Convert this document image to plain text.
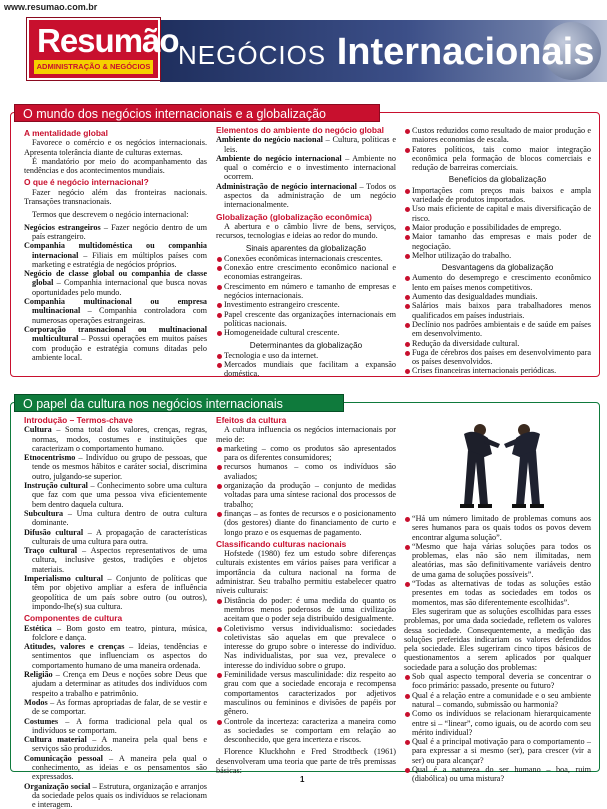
www.resumao.com.br
NEGÓCIOS Internacionais
Resumão
ADMINISTRAÇÃO & NEGÓCIOS
O mundo dos negócios internacionais e a globalização
A mentalidade global

Favorece o comércio e os negócios internacionais. Apresenta tolerância diante de culturas externas.

É mandatório por meio do acompanhamento das tendências e dos acontecimentos mundiais.

O que é negócio internacional?

Fazer negócio além das fronteiras nacionais. Transações transnacionais.

Termos que descrevem o negócio internacional:

Negócios estrangeiros – Fazer negócio dentro de um país estrangeiro.

Companhia multidoméstica ou companhia internacional – Filiais em múltiplos países com marketing e estratégia de negócios próprios.

Negócio de classe global ou companhia de classe global – Companhia internacional que busca novas oportunidades pelo mundo.

Companhia multinacional ou empresa multinacional – Companhia controladora com numerosas operações estrangeiras.

Corporação transnacional ou multinacional multicultural – Possui operações em muitos países com produção e estratégia comuns ditadas pelo ambiente local.

Elementos do ambiente do negócio global

Ambiente do negócio nacional – Cultura, políticas e leis.

Ambiente do negócio internacional – Ambiente no qual o comércio e o investimento internacional ocorrem.

Administração de negócio internacional – Todos os aspectos da administração de um negócio internacionalmente.

Globalização (globalização econômica)

A abertura e o câmbio livre de bens, serviços, recursos, tecnologias e ideias ao redor do mundo.

Sinais aparentes da globalização
Conexões econômicas internacionais crescentes.
Conexão entre crescimento econômico nacional e economias estrangeiras.
Crescimento em número e tamanho de empresas e negócios internacionais.
Investimento estrangeiro crescente.
Papel crescente das organizações internacionais em políticas nacionais.
Homogeneidade cultural crescente.
Determinantes da globalização
Tecnologia e uso da internet.
Mercados mundiais que facilitam a expansão doméstica.
Custos reduzidos como resultado de maior produção e maiores economias de escala.
Fatores políticos, tais como maior integração econômica pela formação de blocos comerciais e redução de barreiras comerciais.
Benefícios da globalização
Importações com preços mais baixos e ampla variedade de produtos importados.
Uso mais eficiente de capital e mais diversificação de risco.
Maior produção e possibilidades de emprego.
Maior tamanho das empresas e mais poder de negociação.
Melhor utilização do trabalho.
Desvantagens da globalização
Aumento do desemprego e crescimento econômico lento em países menos competitivos.
Aumento das desigualdades mundiais.
Salários mais baixos para trabalhadores menos qualificados em países industriais.
Declínio nos padrões ambientais e de saúde em países em desenvolvimento.
Redução da diversidade cultural.
Fuga de cérebros dos países em desenvolvimento para os países desenvolvidos.
Crises financeiras internacionais periódicas.
O papel da cultura nos negócios internacionais
Introdução – Termos-chave

Cultura – Soma total dos valores, crenças, regras, normas, modos, costumes e instituições que caracterizam o comportamento humano.

Etnocentrismo – Indivíduo ou grupo de pessoas, que tende os mesmos hábitos e caráter social, discrimina outro, julgando-se superior.

Instrução cultural – Conhecimento sobre uma cultura que faz com que uma pessoa viva eficientemente bem dentro daquela cultura.

Subcultura – Uma cultura dentro de outra cultura dominante.

Difusão cultural – A propagação de características culturais de uma cultura para outra.

Traço cultural – Aspectos representativos de uma cultura, inclusive gestos, tradições e objetos materiais.

Imperialismo cultural – Conjunto de políticas que têm por objetivo ampliar a esfera de influência geopolítica de um país sobre outro (ou outros), impondo-lhe(s) sua cultura.

Componentes de cultura

Estética – Bom gosto em teatro, pintura, música, folclore e dança.

Atitudes, valores e crenças – Ideias, tendências e sentimentos que influenciam os aspectos do comportamento humano de uma maneira ordenada.

Religião – Crença em Deus e noções sobre Deus que ajudam a determinar as atitudes dos indivíduos com respeito a trabalho e patrimônio.

Modos – As formas apropriadas de falar, de se vestir e de se comportar.

Costumes – A forma tradicional pela qual os indivíduos se comportam.

Cultura material – A maneira pela qual bens e serviços são produzidos.

Comunicação pessoal – A maneira pela qual o conhecimento, as ideias e os pensamentos são expressados.

Organização social – Estrutura, organização e arranjos da sociedade pelos quais os indivíduos se relacionam e interagem.

Efeitos da cultura

A cultura influencia os negócios internacionais por meio de:

marketing – como os produtos são apresentados para os diferentes consumidores;
recursos humanos – como os indivíduos são avaliados;
organização da produção – conjunto de medidas voltadas para uma síntese racional dos processos de trabalho;
finanças – as fontes de recursos e o posicionamento (dos gestores) diante do financiamento de curto e longo prazo e os esquemas de pagamento.
Classificando culturas nacionais

Hofstede (1980) fez um estudo sobre diferenças culturais existentes em vários países para verificar a importância da cultura nacional na forma de administrar. Seu trabalho permitiu estabelecer quatro níveis culturais:

Distância do poder: é uma medida do quanto os membros menos poderosos de uma civilização aceitam que o poder seja distribuído desigualmente.
Coletivismo versus individualismo: sociedades coletivistas são aquelas em que prevalece o interesse do grupo sobre o interesse do indivíduo. Nas individualistas, por sua vez, prevalece o interesse do indivíduo sobre o grupo.
Feminilidade versus masculinidade: diz respeito ao grau com que a sociedade encoraja e recompensa comportamentos caracterizados por adjetivos masculinos ou femininos e divisões de papéis por gênero.
Controle da incerteza: caracteriza a maneira como as sociedades se comportam em relação ao desconhecido, que gera incerteza e riscos.

Florence Kluckhohn e Fred Strodtbeck (1961) desenvolveram uma teoria que parte de três premissas básicas:

“Há um número limitado de problemas comuns aos seres humanos para os quais todos os povos devem encontrar alguma solução”.
“Mesmo que haja várias soluções para todos os problemas, elas não são nem ilimitadas, nem aleatórias, mas são definitivamente variáveis dentro de uma gama de soluções possíveis”.
“Todas as alternativas de todas as soluções estão presentes em todas as sociedades em todos os momentos, mas são diferentemente escolhidas”.

Eles sugeriram que as soluções escolhidas para esses problemas, por uma dada sociedade, refletem os valores dessa sociedade. Consequentemente, a medição das soluções preferidas indicariam os valores defendidos pela sociedade. Eles sugeriram cinco tipos básicos de questionamentos a serem aplicados por qualquer sociedade para a solução dos problemas:

Sob qual aspecto temporal deveria se concentrar o foco primário: passado, presente ou futuro?
Qual é a relação entre a comunidade e o seu ambiente natural – comando, submissão ou harmonia?
Como os indivíduos se relacionam hierarquicamente entre si – “linear”, como iguais, ou de acordo com seu mérito individual?
Qual é a principal motivação para o comportamento – para expressar a si mesmo (ser), para crescer (vir a ser) ou para alcançar?
Qual é a natureza do ser humano – boa, ruim (diabólica) ou uma mistura?
1
